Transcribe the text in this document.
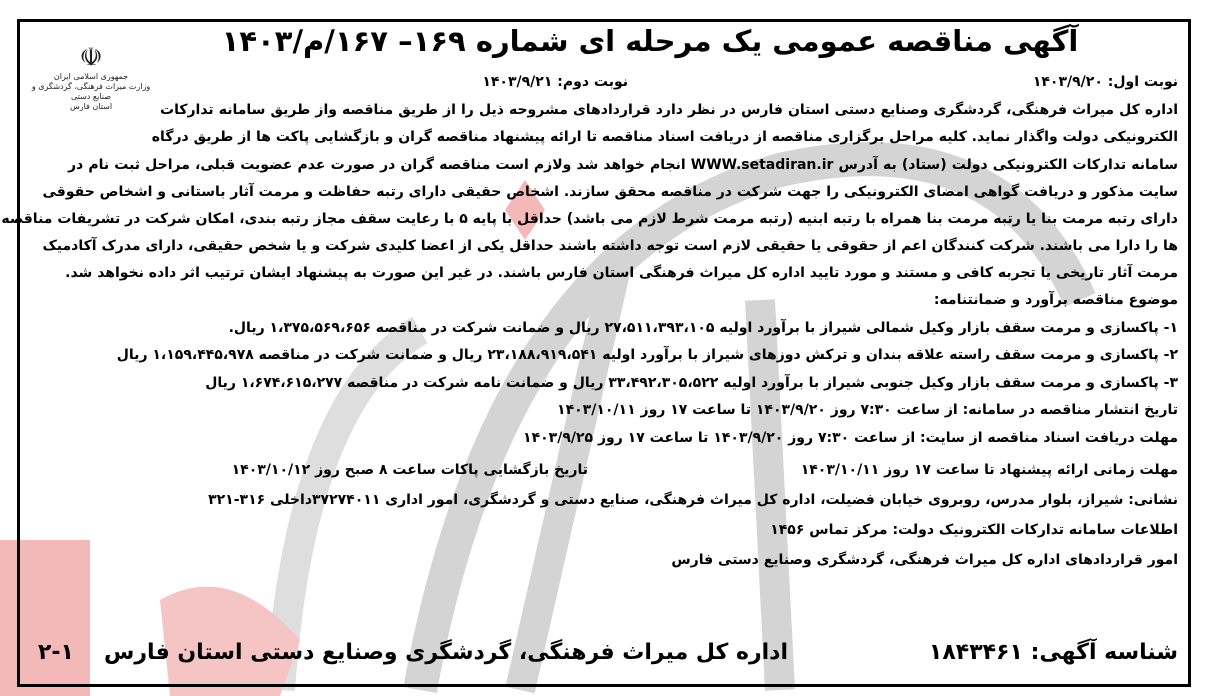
☫
جمهوری اسلامی ایران
وزارت میراث فرهنگی، گردشگری و صنایع دستی
استان فارس
آگهی مناقصه عمومی یک مرحله ای شماره ۱۶۹– ۱۶۷/م/۱۴۰۳
نوبت اول: ۱۴۰۳/۹/۲۰
نوبت دوم: ۱۴۰۳/۹/۲۱
اداره کل میراث فرهنگی، گردشگری وصنایع دستی استان فارس در نظر دارد قراردادهای مشروحه ذیل را از طریق مناقصه واز طریق سامانه تدارکات
الکترونیکی دولت واگذار نماید. کلیه مراحل برگزاری مناقصه از دریافت اسناد مناقصه تا ارائه پیشنهاد مناقصه گران و بازگشایی پاکت ها از طریق درگاه
سامانه تدارکات الکترونیکی دولت (ستاد) به آدرس WWW.setadiran.ir انجام خواهد شد ولازم است مناقصه گران در صورت عدم عضویت قبلی، مراحل ثبت نام در
سایت مذکور و دریافت گواهی امضای الکترونیکی را جهت شرکت در مناقصه محقق سازند. اشخاص حقیقی دارای رتبه حفاظت و مرمت آثار باستانی و اشخاص حقوقی
دارای رتبه مرمت بنا یا رتبه مرمت بنا همراه با رتبه ابنیه (رتبه مرمت شرط لازم می باشد) حداقل با پایه ۵ با رعایت سقف مجاز رتبه بندی، امکان شرکت در تشریفات مناقصه
ها را دارا می باشند. شرکت کنندگان اعم از حقوقی یا حقیقی لازم است توجه داشته باشند حداقل یکی از اعضا کلیدی شرکت و یا شخص حقیقی، دارای مدرک آکادمیک
مرمت آثار تاریخی یا تجربه کافی و مستند و مورد تایید اداره کل میراث فرهنگی استان فارس باشند. در غیر این صورت به پیشنهاد ایشان ترتیب اثر داده نخواهد شد.
موضوع مناقصه برآورد و ضمانتنامه:
۱- پاکسازی و مرمت سقف بازار وکیل شمالی شیراز با برآورد اولیه ۲۷،۵۱۱،۳۹۳،۱۰۵ ریال و ضمانت شرکت در مناقصه ۱،۳۷۵،۵۶۹،۶۵۶ ریال.
۲- پاکسازی و مرمت سقف راسته علاقه بندان و ترکش دوزهای شیراز با برآورد اولیه ۲۳،۱۸۸،۹۱۹،۵۴۱ ریال و ضمانت شرکت در مناقصه ۱،۱۵۹،۴۴۵،۹۷۸ ریال
۳- پاکسازی و مرمت سقف بازار وکیل جنوبی شیراز با برآورد اولیه ۳۳،۴۹۲،۳۰۵،۵۲۲ ریال و ضمانت نامه شرکت در مناقصه ۱،۶۷۴،۶۱۵،۲۷۷ ریال
تاریخ انتشار مناقصه در سامانه: از ساعت ۷:۳۰ روز ۱۴۰۳/۹/۲۰ تا ساعت ۱۷ روز ۱۴۰۳/۱۰/۱۱
مهلت دریافت اسناد مناقصه از سایت: از ساعت ۷:۳۰ روز ۱۴۰۳/۹/۲۰ تا ساعت ۱۷ روز ۱۴۰۳/۹/۲۵
مهلت زمانی ارائه پیشنهاد تا ساعت ۱۷ روز ۱۴۰۳/۱۰/۱۱
تاریخ بازگشایی پاکات ساعت ۸ صبح روز ۱۴۰۳/۱۰/۱۲
نشانی: شیراز، بلوار مدرس، روبروی خیابان فضیلت، اداره کل میراث فرهنگی، صنایع دستی و گردشگری، امور اداری ۳۷۲۷۴۰۱۱داخلی ۳۱۶-۳۲۱
اطلاعات سامانه تدارکات الکترونیک دولت: مرکز تماس ۱۴۵۶
امور قراردادهای اداره کل میراث فرهنگی، گردشگری وصنایع دستی فارس
شناسه آگهی: ۱۸۴۳۴۶۱
اداره کل میراث فرهنگی، گردشگری وصنایع دستی استان فارس
۲-۱
